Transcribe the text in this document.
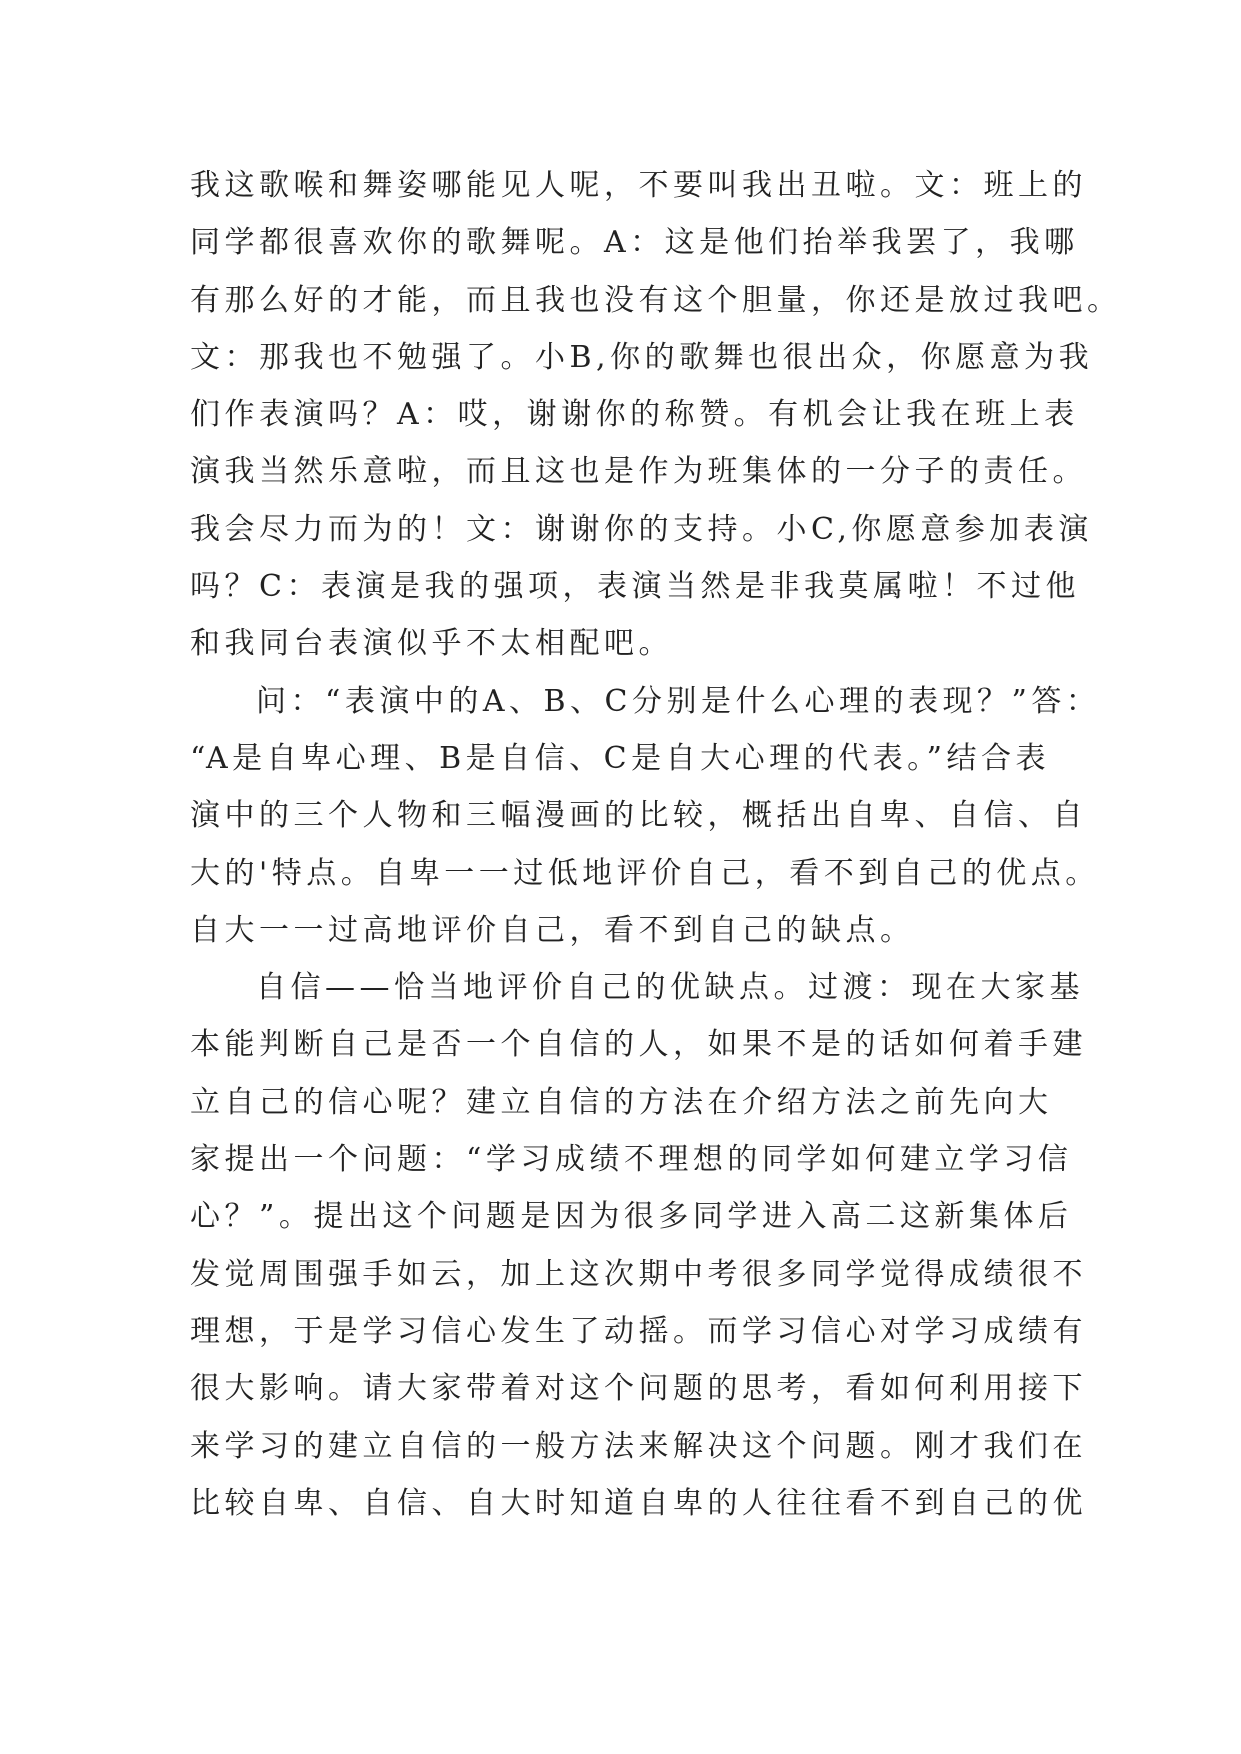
我这歌喉和舞姿哪能见人呢，不要叫我出丑啦。文：班上的
同学都很喜欢你的歌舞呢。A：这是他们抬举我罢了，我哪
有那么好的才能，而且我也没有这个胆量，你还是放过我吧。
文：那我也不勉强了。小B,你的歌舞也很出众，你愿意为我
们作表演吗？A：哎，谢谢你的称赞。有机会让我在班上表
演我当然乐意啦，而且这也是作为班集体的一分子的责任。
我会尽力而为的！文：谢谢你的支持。小C,你愿意参加表演
吗？C：表演是我的强项，表演当然是非我莫属啦！不过他
和我同台表演似乎不太相配吧。
问：“表演中的A、B、C分别是什么心理的表现？”答：
“A是自卑心理、B是自信、C是自大心理的代表。”结合表
演中的三个人物和三幅漫画的比较，概括出自卑、自信、自
大的'特点。自卑一一过低地评价自己，看不到自己的优点。
自大一一过高地评价自己，看不到自己的缺点。
自信——恰当地评价自己的优缺点。过渡：现在大家基
本能判断自己是否一个自信的人，如果不是的话如何着手建
立自己的信心呢？建立自信的方法在介绍方法之前先向大
家提出一个问题：“学习成绩不理想的同学如何建立学习信
心？”。提出这个问题是因为很多同学进入高二这新集体后
发觉周围强手如云，加上这次期中考很多同学觉得成绩很不
理想，于是学习信心发生了动摇。而学习信心对学习成绩有
很大影响。请大家带着对这个问题的思考，看如何利用接下
来学习的建立自信的一般方法来解决这个问题。刚才我们在
比较自卑、自信、自大时知道自卑的人往往看不到自己的优
